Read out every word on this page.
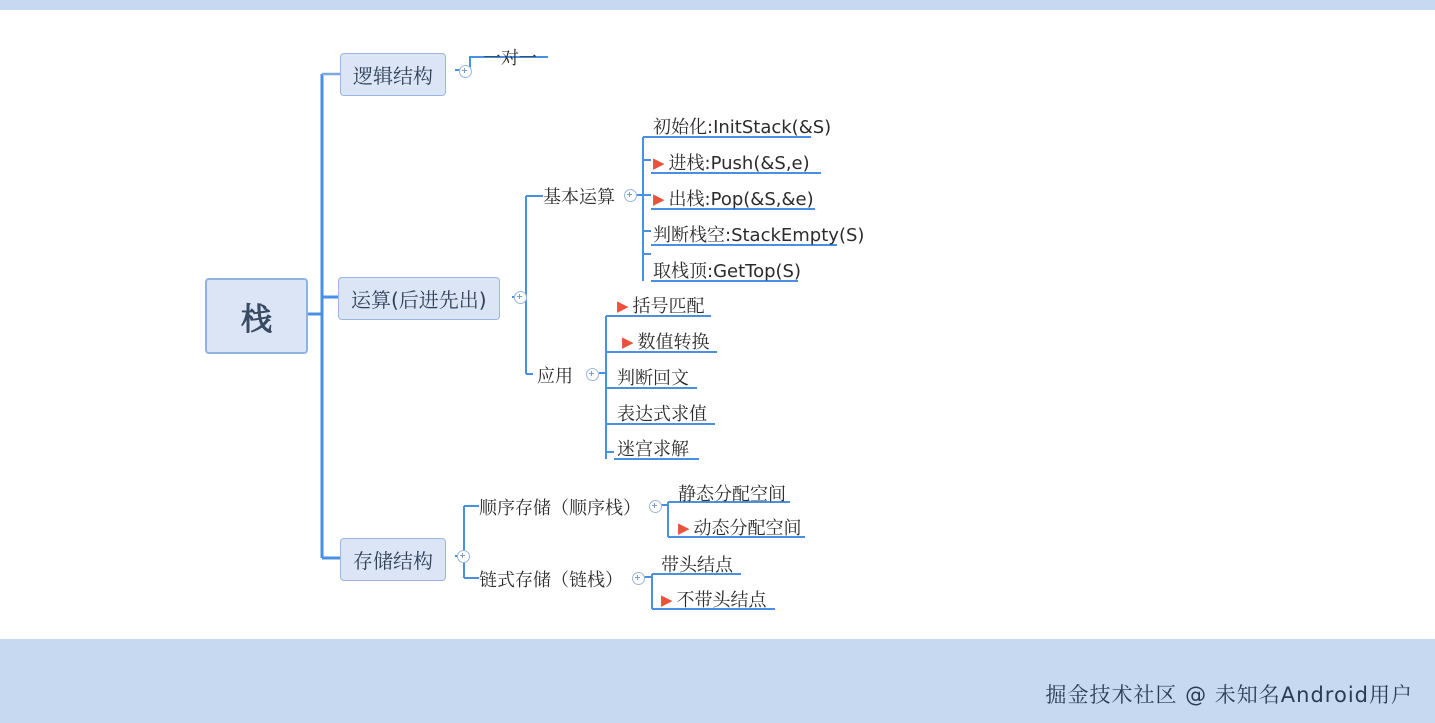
栈
逻辑结构
运算(后进先出)
存储结构
一对一
基本运算
初始化:InitStack(&S)
▶ 进栈:Push(&S,e)
▶ 出栈:Pop(&S,&e)
判断栈空:StackEmpty(S)
取栈顶:GetTop(S)
应用
▶ 括号匹配
▶ 数值转换
判断回文
表达式求值
迷宫求解
顺序存储（顺序栈）
静态分配空间
▶ 动态分配空间
链式存储（链栈）
带头结点
▶ 不带头结点
掘金技术社区 @ 未知名Android用户
